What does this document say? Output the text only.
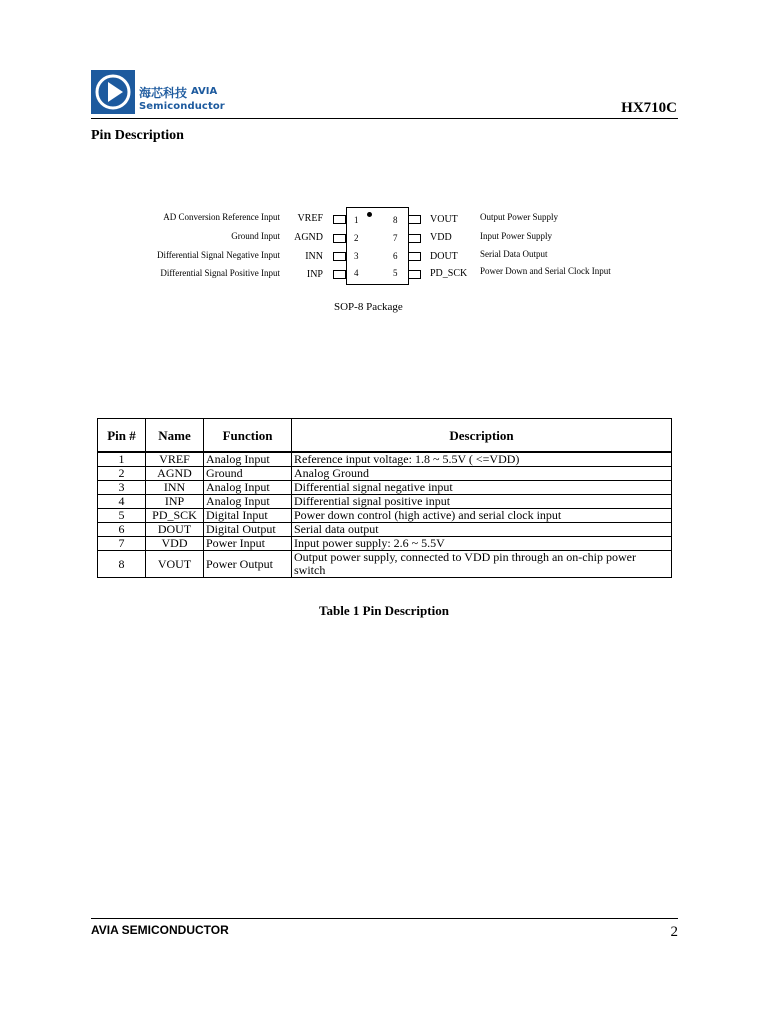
海芯科技 AVIA
Semiconductor	HX710C
Pin Description
AD Conversion Reference Input VREF	1
Ground Input AGND	2
Differential Signal Negative Input	INN	3
Differential Signal Positive Input	INP	4
8	VOUT Output Power Supply
7	VDD	Input Power Supply
6	DOUT Serial Data Output
5	PD_SCK Power Down and Serial Clock Input
SOP-8 Package
Pin #	Name	Function	Description
1	VREF	Analog Input	Reference input voltage: 1.8 ~ 5.5V ( <=VDD)
2	AGND	Ground	Analog Ground
3	INN	Analog Input	Differential signal negative input
4	INP	Analog Input	Differential signal positive input
5	PD_SCK	Digital Input	Power down control (high active) and serial clock input
6	DOUT	Digital Output	Serial data output
7	VDD	Power Input	Input power supply: 2.6 ~ 5.5V
8	VOUT	Power Output	Output power supply, connected to VDD pin through an on-chip power switch
Table 1 Pin Description
AVIA SEMICONDUCTOR	2
